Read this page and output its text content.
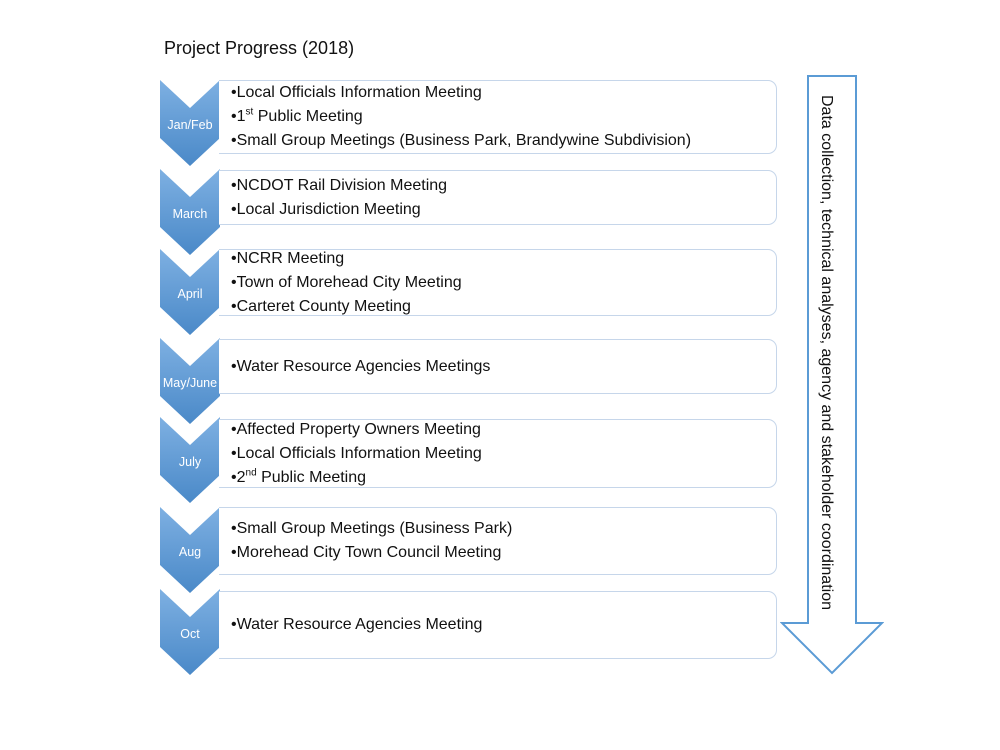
Project Progress (2018)
Jan/Feb
•Local Officials Information Meeting
•1st Public Meeting
•Small Group Meetings (Business Park, Brandywine Subdivision)
March
•NCDOT Rail Division Meeting
•Local Jurisdiction Meeting
April
•NCRR Meeting
•Town of Morehead City Meeting
•Carteret County Meeting
May/June
•Water Resource Agencies Meetings
July
•Affected Property Owners Meeting
•Local Officials Information Meeting
•2nd Public Meeting
Aug
•Small Group Meetings (Business Park)
•Morehead City Town Council Meeting
Oct
•Water Resource Agencies Meeting
Data collection, technical analyses, agency and stakeholder coordination
